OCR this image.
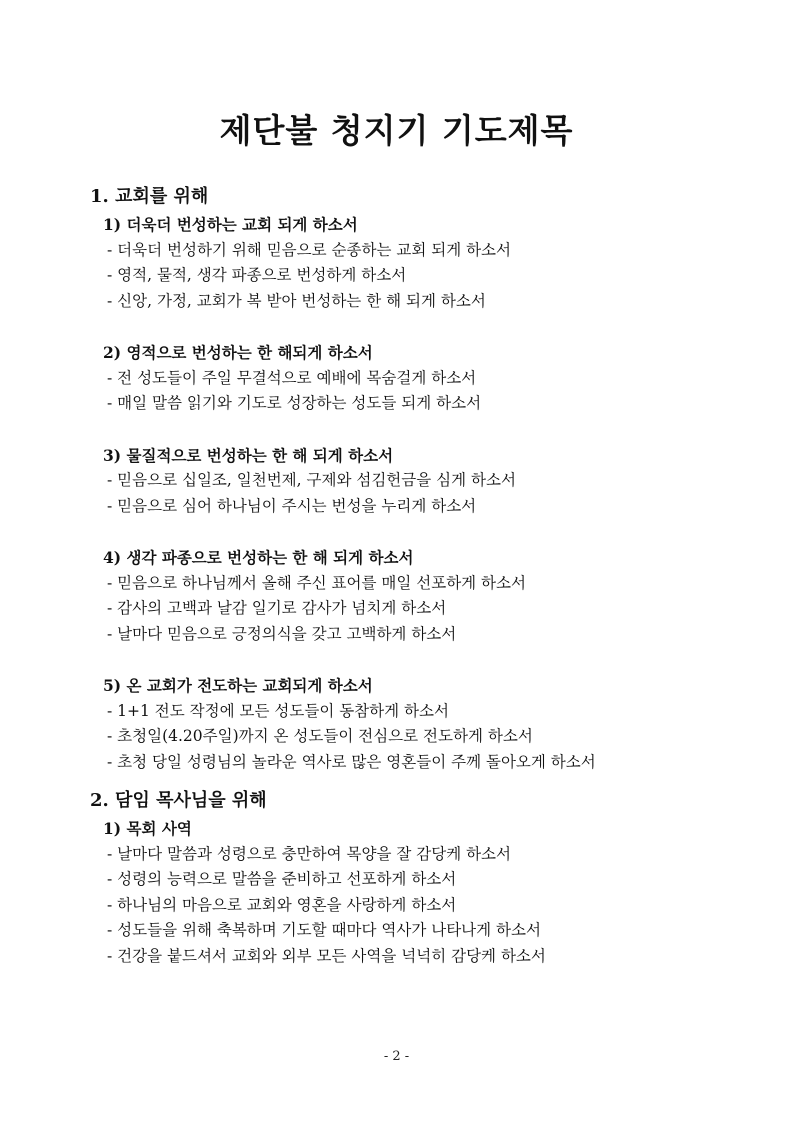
제단불 청지기 기도제목
1. 교회를 위해
1) 더욱더 번성하는 교회 되게 하소서
- 더욱더 번성하기 위해 믿음으로 순종하는 교회 되게 하소서
- 영적, 물적, 생각 파종으로 번성하게 하소서
- 신앙, 가정, 교회가 복 받아 번성하는 한 해 되게 하소서
2) 영적으로 번성하는 한 해되게 하소서
- 전 성도들이 주일 무결석으로 예배에 목숨걸게 하소서
- 매일 말씀 읽기와 기도로 성장하는 성도들 되게 하소서
3) 물질적으로 번성하는 한 해 되게 하소서
- 믿음으로 십일조, 일천번제, 구제와 섬김헌금을 심게 하소서
- 믿음으로 심어 하나님이 주시는 번성을 누리게 하소서
4) 생각 파종으로 번성하는 한 해 되게 하소서
- 믿음으로 하나님께서 올해 주신 표어를 매일 선포하게 하소서
- 감사의 고백과 날감 일기로 감사가 넘치게 하소서
- 날마다 믿음으로 긍정의식을 갖고 고백하게 하소서
5) 온 교회가 전도하는 교회되게 하소서
- 1+1 전도 작정에 모든 성도들이 동참하게 하소서
- 초청일(4.20주일)까지 온 성도들이 전심으로 전도하게 하소서
- 초청 당일 성령님의 놀라운 역사로 많은 영혼들이 주께 돌아오게 하소서
2. 담임 목사님을 위해
1) 목회 사역
- 날마다 말씀과 성령으로 충만하여 목양을 잘 감당케 하소서
- 성령의 능력으로 말씀을 준비하고 선포하게 하소서
- 하나님의 마음으로 교회와 영혼을 사랑하게 하소서
- 성도들을 위해 축복하며 기도할 때마다 역사가 나타나게 하소서
- 건강을 붙드셔서 교회와 외부 모든 사역을 넉넉히 감당케 하소서
- 2 -
